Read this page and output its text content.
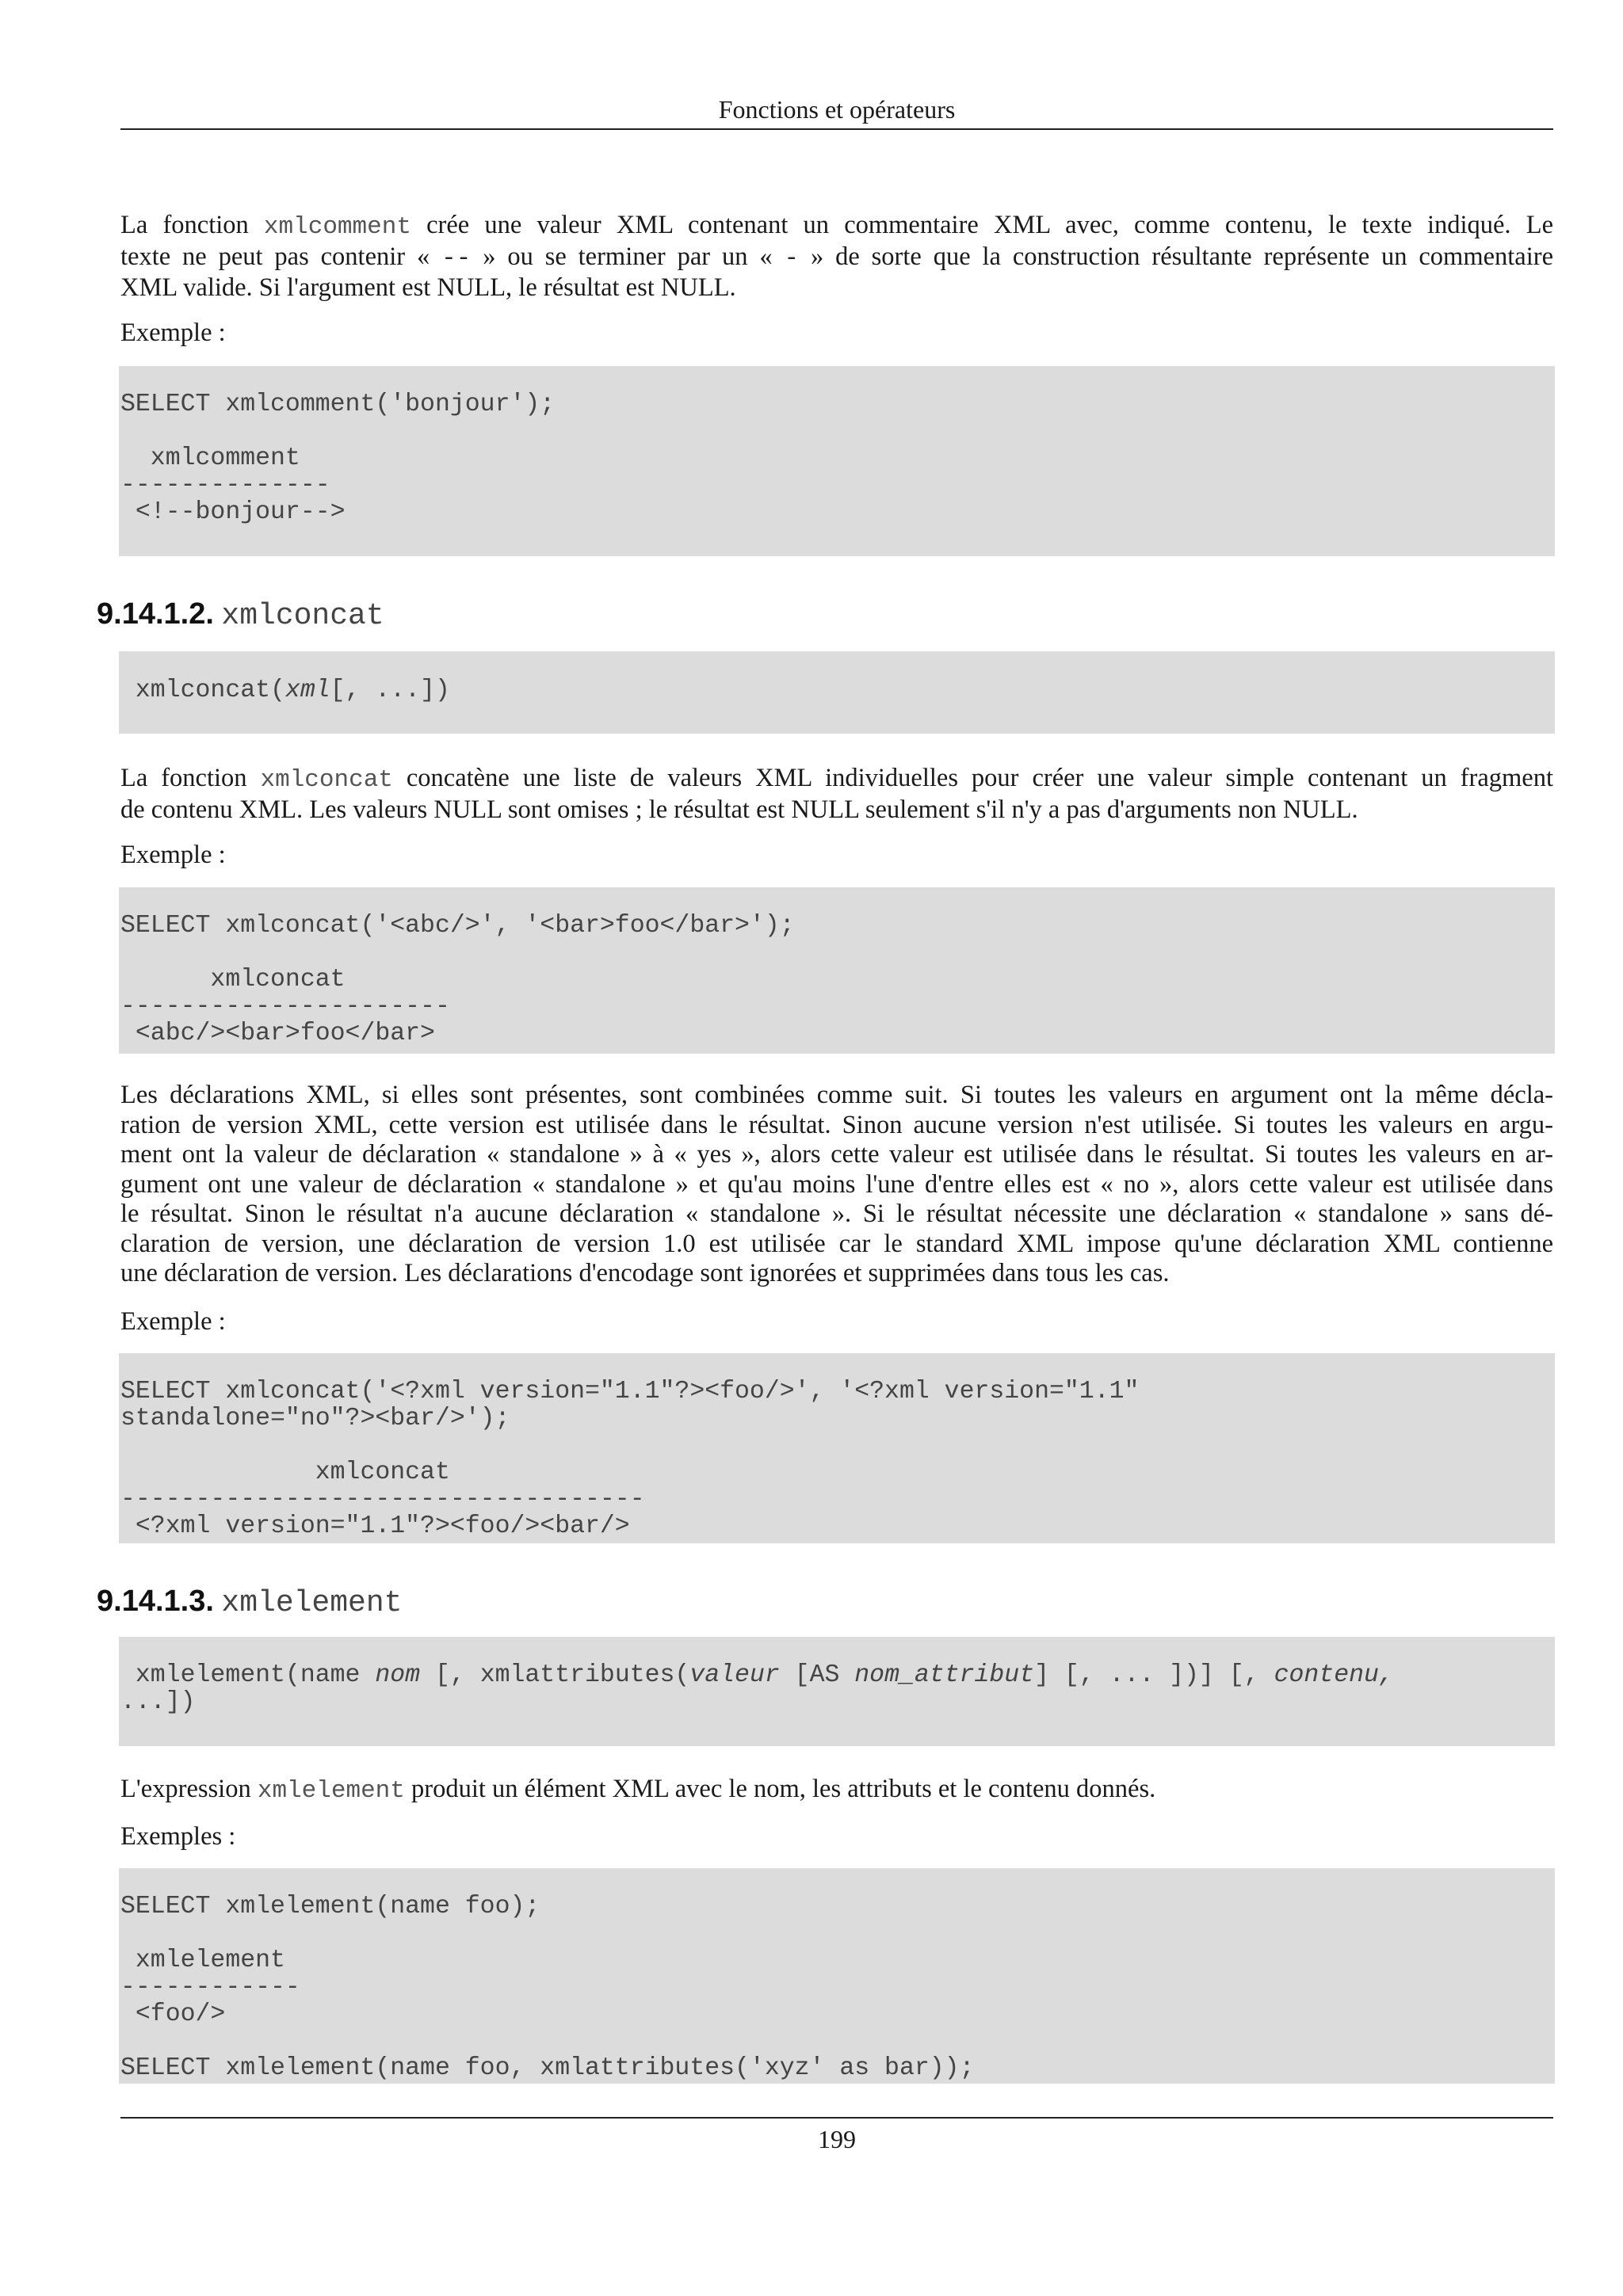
Fonctions et opérateurs
La fonction xmlcomment crée une valeur XML contenant un commentaire XML avec, comme contenu, le texte indiqué. Le
texte ne peut pas contenir « -- » ou se terminer par un « - » de sorte que la construction résultante représente un commentaire
XML valide. Si l'argument est NULL, le résultat est NULL.
Exemple :
SELECT xmlcomment('bonjour');
xmlcomment
--------------
<!--bonjour-->
9.14.1.2. xmlconcat
xmlconcat(xml[, ...])
La fonction xmlconcat concatène une liste de valeurs XML individuelles pour créer une valeur simple contenant un fragment
de contenu XML. Les valeurs NULL sont omises ; le résultat est NULL seulement s'il n'y a pas d'arguments non NULL.
Exemple :
SELECT xmlconcat('<abc/>', '<bar>foo</bar>');
xmlconcat
----------------------
<abc/><bar>foo</bar>
Les déclarations XML, si elles sont présentes, sont combinées comme suit. Si toutes les valeurs en argument ont la même décla-
ration de version XML, cette version est utilisée dans le résultat. Sinon aucune version n'est utilisée. Si toutes les valeurs en argu-
ment ont la valeur de déclaration « standalone » à « yes », alors cette valeur est utilisée dans le résultat. Si toutes les valeurs en ar-
gument ont une valeur de déclaration « standalone » et qu'au moins l'une d'entre elles est « no », alors cette valeur est utilisée dans
le résultat. Sinon le résultat n'a aucune déclaration « standalone ». Si le résultat nécessite une déclaration « standalone » sans dé-
claration de version, une déclaration de version 1.0 est utilisée car le standard XML impose qu'une déclaration XML contienne
une déclaration de version. Les déclarations d'encodage sont ignorées et supprimées dans tous les cas.
Exemple :
SELECT xmlconcat('<?xml version="1.1"?><foo/>', '<?xml version="1.1"
standalone="no"?><bar/>');
xmlconcat
-----------------------------------
<?xml version="1.1"?><foo/><bar/>
9.14.1.3. xmlelement
xmlelement(name nom [, xmlattributes(valeur [AS nom_attribut] [, ... ])] [, contenu,
...])
L'expression xmlelement produit un élément XML avec le nom, les attributs et le contenu donnés.
Exemples :
SELECT xmlelement(name foo);
xmlelement
------------
<foo/>
SELECT xmlelement(name foo, xmlattributes('xyz' as bar));
199
